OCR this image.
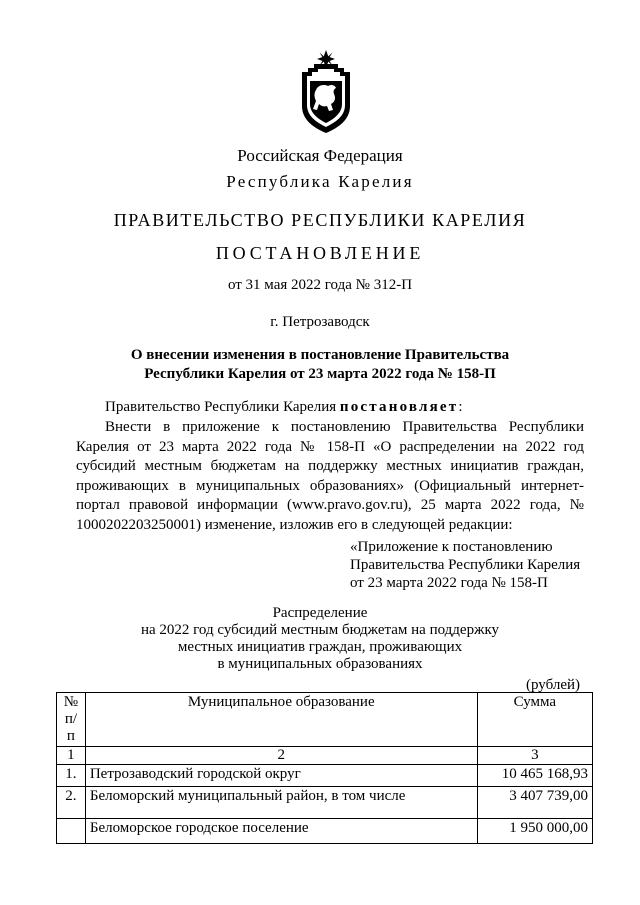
Российская Федерация
Республика Карелия
ПРАВИТЕЛЬСТВО РЕСПУБЛИКИ КАРЕЛИЯ
ПОСТАНОВЛЕНИЕ
от 31 мая 2022 года № 312-П
г. Петрозаводск
О внесении изменения в постановление Правительства
Республики Карелия от 23 марта 2022 года № 158-П
Правительство Республики Карелия постановляет:
Внести в приложение к постановлению Правительства Республики Карелия от 23 марта 2022 года № 158-П «О распределении на 2022 год субсидий местным бюджетам на поддержку местных инициатив граждан, проживающих в муниципальных образованиях» (Официальный интернет-портал правовой информации (www.pravo.gov.ru), 25 марта 2022 года, № 1000202203250001) изменение, изложив его в следующей редакции:
«Приложение к постановлению
Правительства Республики Карелия
от 23 марта 2022 года № 158-П
Распределение
на 2022 год субсидий местным бюджетам на поддержку
местных инициатив граждан, проживающих
в муниципальных образованиях
(рублей)
№ п/п	Муниципальное образование	Сумма
1	2	3
1.	Петрозаводский городской округ	10 465 168,93
2.	Беломорский муниципальный район, в том числе	3 407 739,00
	Беломорское городское поселение	1 950 000,00
